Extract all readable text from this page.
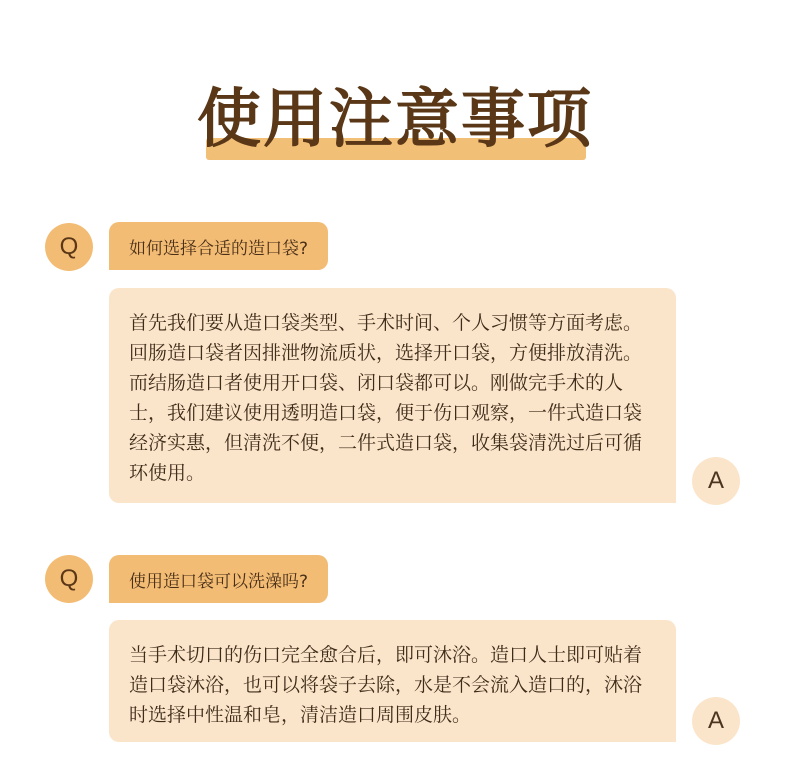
使用注意事项
Q	如何选择合适的造口袋?
首先我们要从造口袋类型、手术时间、个人习惯等方面考虑。回肠造口袋者因排泄物流质状，选择开口袋，方便排放清洗。而结肠造口者使用开口袋、闭口袋都可以。刚做完手术的人士，我们建议使用透明造口袋，便于伤口观察，一件式造口袋经济实惠，但清洗不便，二件式造口袋，收集袋清洗过后可循环使用。	A
Q	使用造口袋可以洗澡吗?
当手术切口的伤口完全愈合后，即可沐浴。造口人士即可贴着造口袋沐浴，也可以将袋子去除，水是不会流入造口的，沐浴时选择中性温和皂，清洁造口周围皮肤。	A
